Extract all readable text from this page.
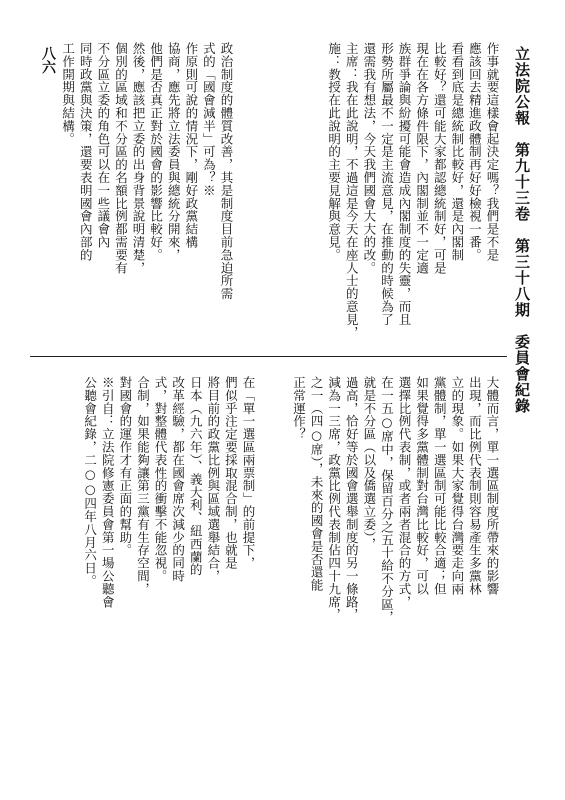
立法院公報　第九十三卷　第三十八期　委員會紀錄
八六	作事就要這樣會起決定嗎？我們是不是
應該回去精進政體制再好好檢視一番。
看看到底是總統制比較好，還是內閣制
比較好？還可能大家都認總統制好，可是
現在在各方條件限下，內閣制並不一定適
族群爭論與紛擾可能會造成內閣制度的失靈，而且
形勢所屬最不一定是主流意見，在推動的時候為了
還需我有想法，今天我們國會大大的改。
主席：我在此說明，不過這是今天在座人士的意見，
施：教授在此說明的主要見解與意見。
政治制度的體質改善，其是制度目前急迫所需
式的「國會減半」可為？※
作原則可說的情況下，剛好政黨結構
協商，應先將立法委員與總統分開來，
他們是否真正對於國會的影響比較好。
然後，應該把立委的出身背景說明清楚，
個別的區域和不分區的名額比例都需要有
不分區立委的角色可以在一些議會內
同時政黨與決策，還要表明國會內部的
工作開期與結構。
大體而言，單一選區制度所帶來的影響
出現，而比例代表制則容易產生多黨林
立的現象。如果大家覺得台灣要走向兩
黨體制，單一選區制可能比較合適；但
如果覺得多黨體制對台灣比較好，可以
選擇比例代表制，或者兩者混合的方式，
在一五○席中，保留百分之五十給不分區，
就是不分區（以及僑選立委），
過高，恰好等於國會選舉制度的另一條路，
減為一三席，政黨比例代表制佔四十九席，
之一（四○席），未來的國會是否還能
正常運作？
在「單一選區兩票制」的前提下，
們似乎注定要採取混合制，也就是
將目前的政黨比例與區域選舉結合，
日本（九六年）、義大利、紐西蘭的
改革經驗，都在國會席次減少的同時
式，對整體代表性的衝擊不能忽視。
合制，如果能夠讓第三黨有生存空間，
對國會的運作才有正面的幫助。
※引自：立法院修憲委員會第一場公聽會
公聽會紀錄，二○○四年八月六日。
